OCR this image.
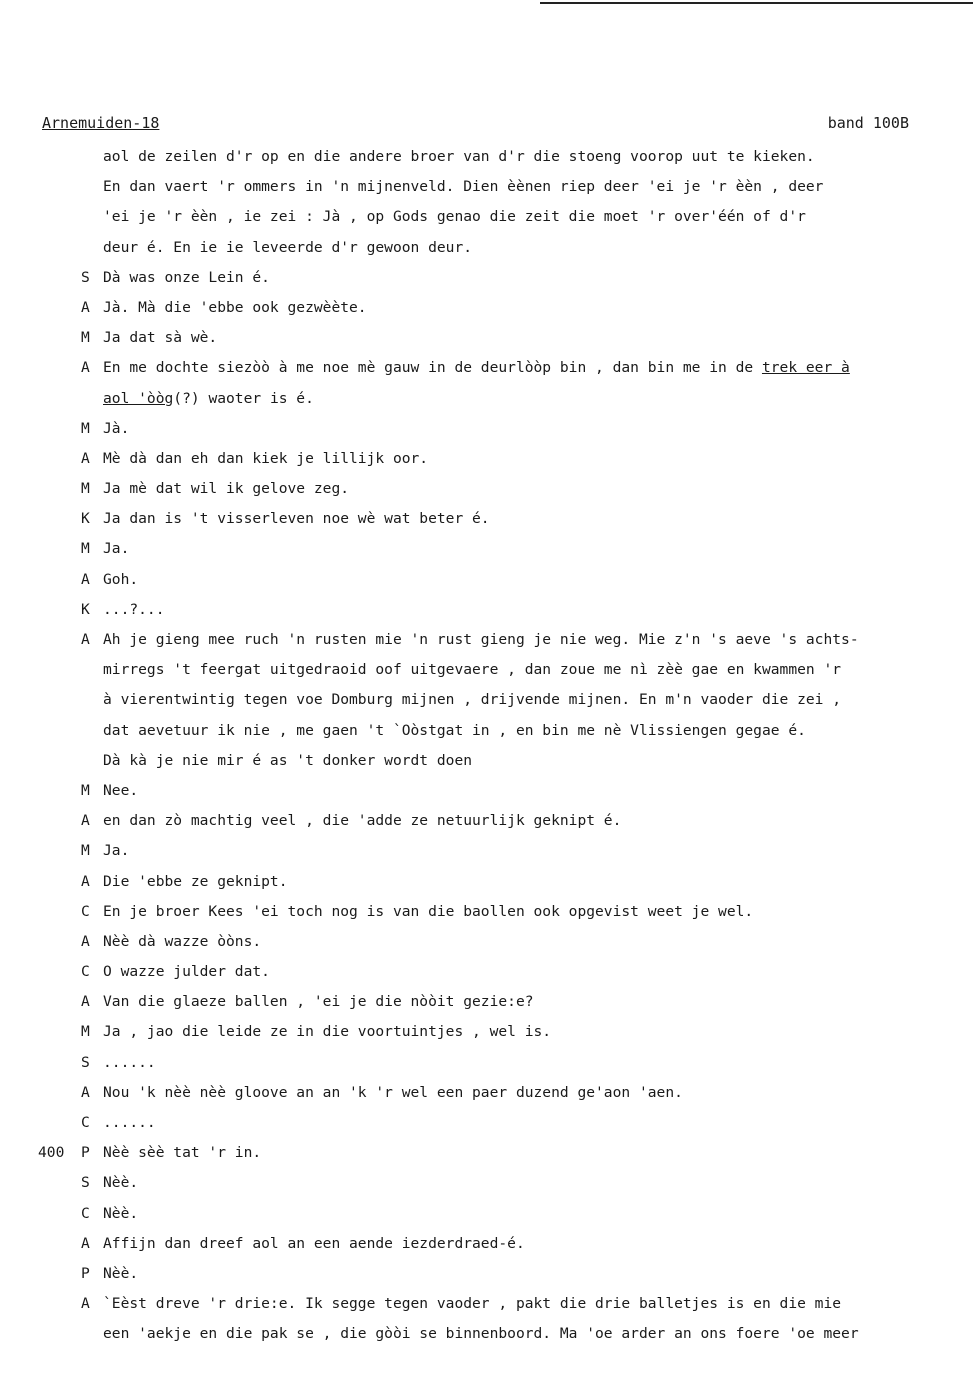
Arnemuiden-18	band 100B
aol de zeilen d'r op en die andere broer van d'r die stoeng voorop uut te kieken.
En dan vaert 'r ommers in 'n mijnenveld. Dien èènen riep deer 'ei je 'r èèn , deer
'ei je 'r èèn , ie zei : Jà , op Gods genao die zeit die moet 'r over'één of d'r
deur é. En ie ie leveerde d'r gewoon deur.
S Dà was onze Lein é.
A Jà. Mà die 'ebbe ook gezwèète.
M Ja dat sà wè.
A En me dochte siezòò à me noe mè gauw in de deurlòòp bin , dan bin me in de trek eer à
aol 'òòg(?) waoter is é.
M Jà.
A Mè dà dan eh dan kiek je lillijk oor.
M Ja mè dat wil ik gelove zeg.
K Ja dan is 't visserleven noe wè wat beter é.
M Ja.
A Goh.
K ...?...
A Ah je gieng mee ruch 'n rusten mie 'n rust gieng je nie weg. Mie z'n 's aeve 's achts-
mirregs 't feergat uitgedraoid oof uitgevaere , dan zoue me nì zèè gae en kwammen 'r
à vierentwintig tegen voe Domburg mijnen , drijvende mijnen. En m'n vaoder die zei ,
dat aevetuur ik nie , me gaen 't `Oòstgat in , en bin me nè Vlissiengen gegae é.
Dà kà je nie mir é as 't donker wordt doen
M Nee.
A en dan zò machtig veel , die 'adde ze netuurlijk geknipt é.
M Ja.
A Die 'ebbe ze geknipt.
C En je broer Kees 'ei toch nog is van die baollen ook opgevist weet je wel.
A Nèè dà wazze òòns.
C O wazze julder dat.
A Van die glaeze ballen , 'ei je die nòòit gezie:e?
M Ja , jao die leide ze in die voortuintjes , wel is.
S ......
A Nou 'k nèè nèè gloove an an 'k 'r wel een paer duzend ge'aon 'aen.
C ......
400	P Nèè sèè tat 'r in.
S Nèè.
C Nèè.
A Affijn dan dreef aol an een aende iezderdraed-é.
P Nèè.
A `Eèst dreve 'r drie:e. Ik segge tegen vaoder , pakt die drie balletjes is en die mie
een 'aekje en die pak se , die gòòi se binnenboord. Ma 'oe arder an ons foere 'oe meer
